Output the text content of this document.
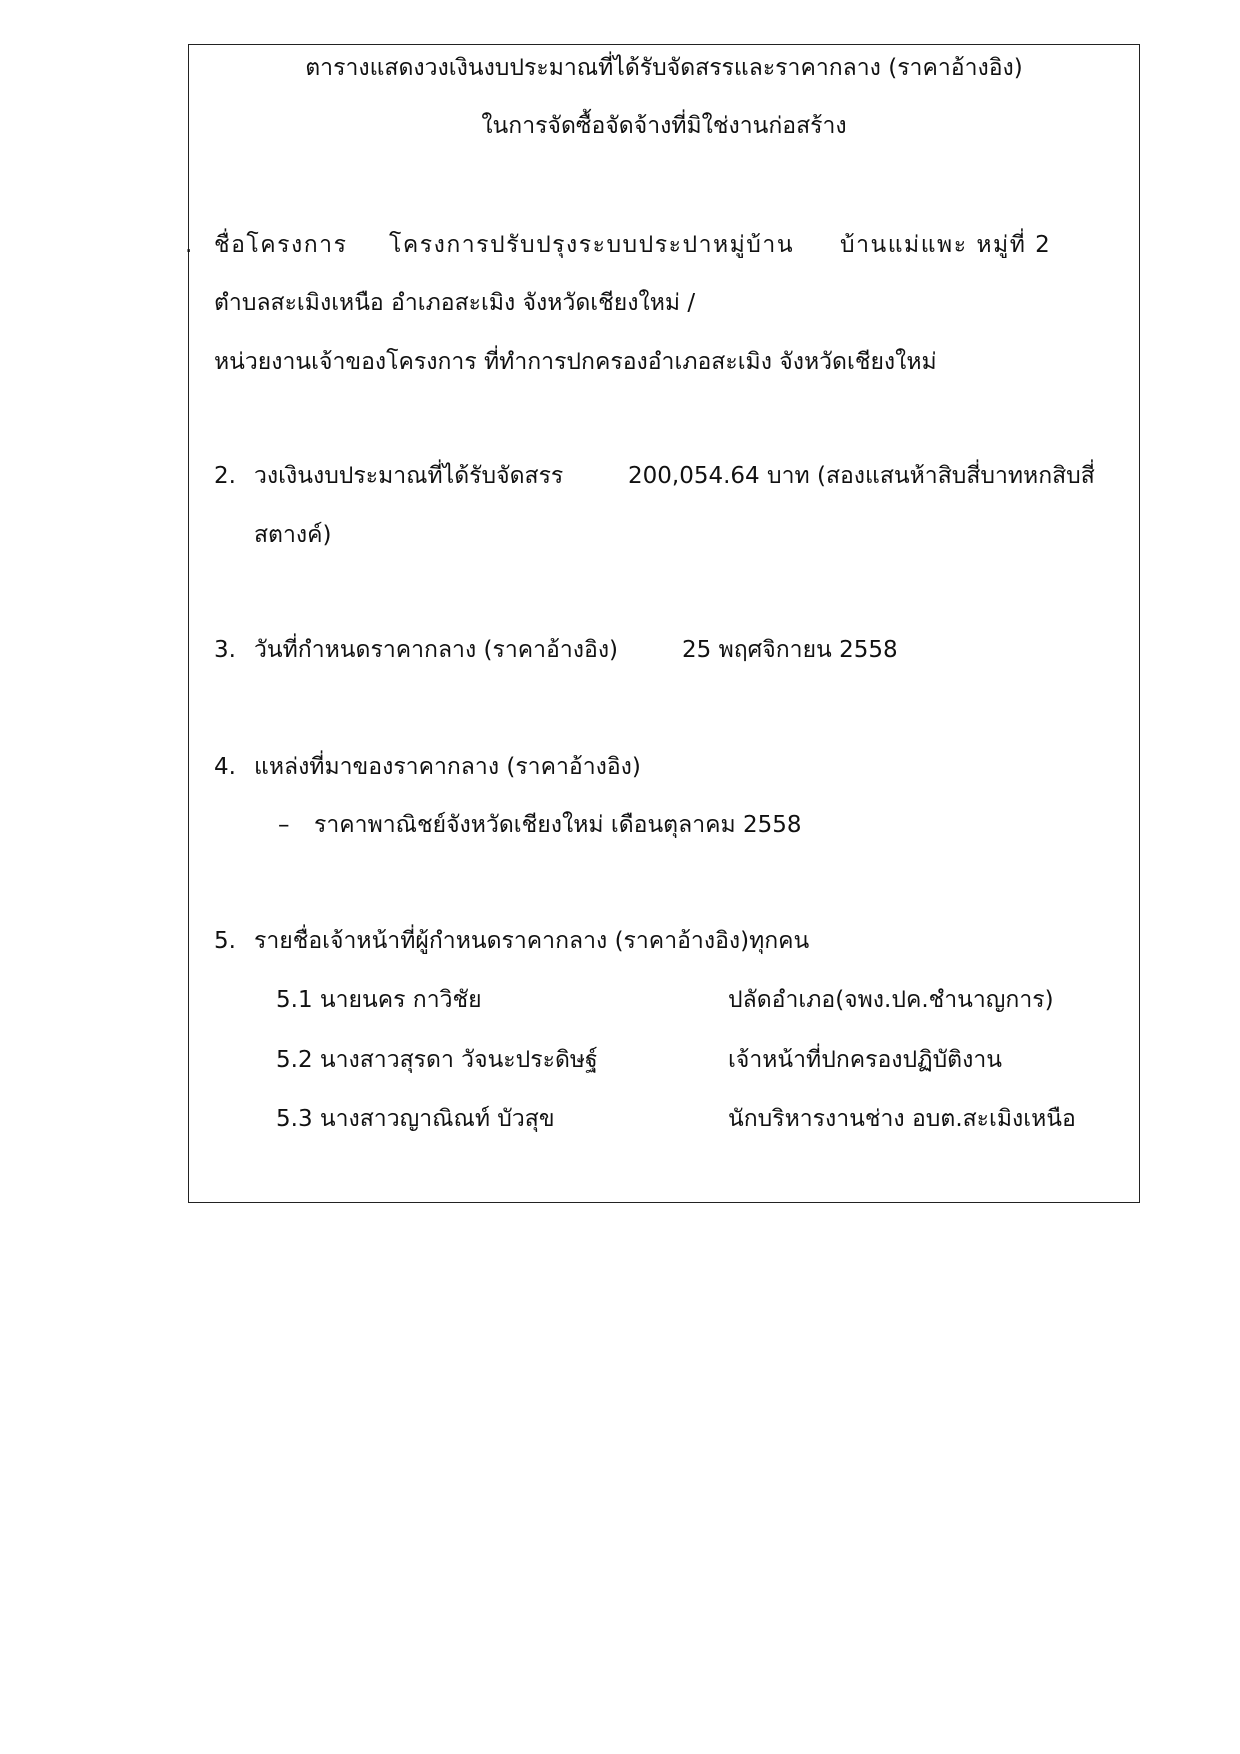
ตารางแสดงวงเงินงบประมาณที่ได้รับจัดสรรและราคากลาง (ราคาอ้างอิง)
ในการจัดซื้อจัดจ้างที่มิใช่งานก่อสร้าง
. ชื่อโครงการ โครงการปรับปรุงระบบประปาหมู่บ้าน บ้านแม่แพะ หมู่ที่ 2
ตำบลสะเมิงเหนือ อำเภอสะเมิง จังหวัดเชียงใหม่ /
หน่วยงานเจ้าของโครงการ ที่ทำการปกครองอำเภอสะเมิง จังหวัดเชียงใหม่
2. วงเงินงบประมาณที่ได้รับจัดสรร	200,054.64 บาท (สองแสนห้าสิบสี่บาทหกสิบสี่
สตางค์)
3. วันที่กำหนดราคากลาง (ราคาอ้างอิง)	25 พฤศจิกายน 2558
4. แหล่งที่มาของราคากลาง (ราคาอ้างอิง)
– ราคาพาณิชย์จังหวัดเชียงใหม่ เดือนตุลาคม 2558
5. รายชื่อเจ้าหน้าที่ผู้กำหนดราคากลาง (ราคาอ้างอิง)ทุกคน
5.1 นายนคร กาวิชัย	ปลัดอำเภอ(จพง.ปค.ชำนาญการ)
5.2 นางสาวสุรดา วัจนะประดิษฐ์	เจ้าหน้าที่ปกครองปฏิบัติงาน
5.3 นางสาวญาณิณท์ บัวสุข	นักบริหารงานช่าง อบต.สะเมิงเหนือ
